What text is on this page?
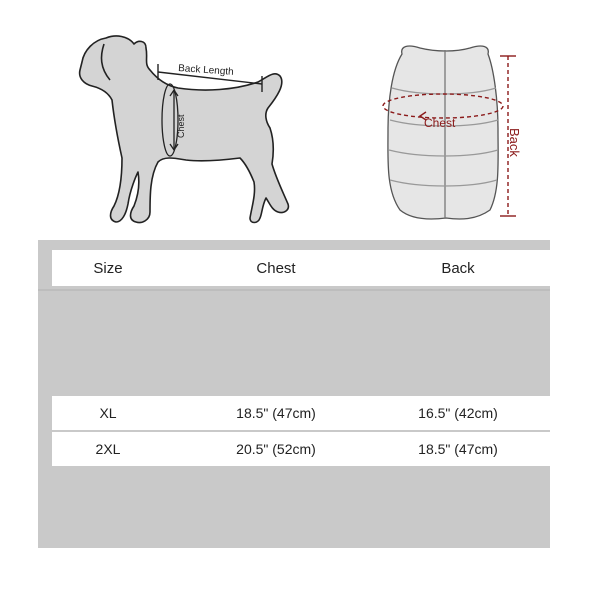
Back Length
Chest	Chest
Back
Size	Chest	Back
XL	18.5" (47cm)	16.5" (42cm)
2XL	20.5" (52cm)	18.5" (47cm)
